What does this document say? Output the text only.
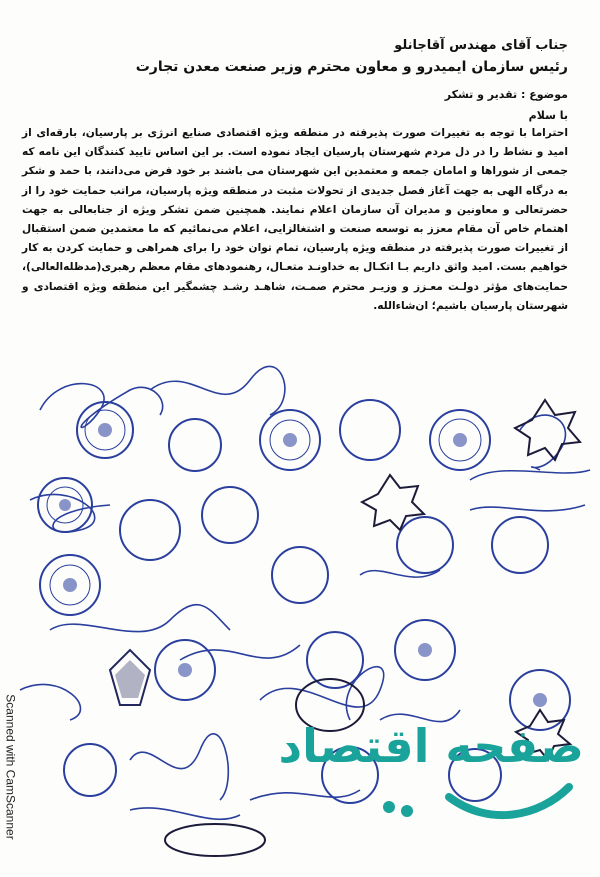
جناب آقای مهندس آقاجانلو
رئیس سازمان ایمیدرو و معاون محترم وزیر صنعت معدن تجارت
موضوع : تقدیر و تشکر
با سلام
احتراما با توجه به تغییرات صورت پذیرفته در منطقه ویژه اقتصادی صنایع انرژی بر پارسیان، بارقه‌ای از امید و نشاط را در دل مردم شهرستان پارسیان ایجاد نموده است. بر این اساس تایید کنندگان این نامه که جمعی از شوراها و امامان جمعه و معتمدین این شهرستان می باشند بر خود فرض می‌دانند، با حمد و شکر به درگاه الهی به جهت آغاز فصل جدیدی از تحولات مثبت در منطقه ویژه پارسیان، مراتب حمایت خود را از حضرتعالی و معاونین و مدیران آن سازمان اعلام نمایند. همچنین ضمن تشکر ویژه از جنابعالی به جهت اهتمام خاص آن مقام معزز به توسعه صنعت و اشتغالزایی، اعلام می‌نمائیم که ما معتمدین ضمن استقبال از تغییرات صورت پذیرفته در منطقه ویژه پارسیان، تمام توان خود را برای همراهی و حمایت کردن به کار خواهیم بست. امید واثق داریم بـا اتکـال به خداونـد متعـال، رهنمودهای مقام معظم رهبری(مدظله‌العالی)، حمایت‌های مؤثر دولـت معـزز و وزیـر محترم صمـت، شاهـد رشـد چشمگیر این منطقه ویژه اقتصادی و شهرستان پارسیان باشیم؛ ان‌شاءالله.
Scanned with CamScanner	صفحه اقتصاد
